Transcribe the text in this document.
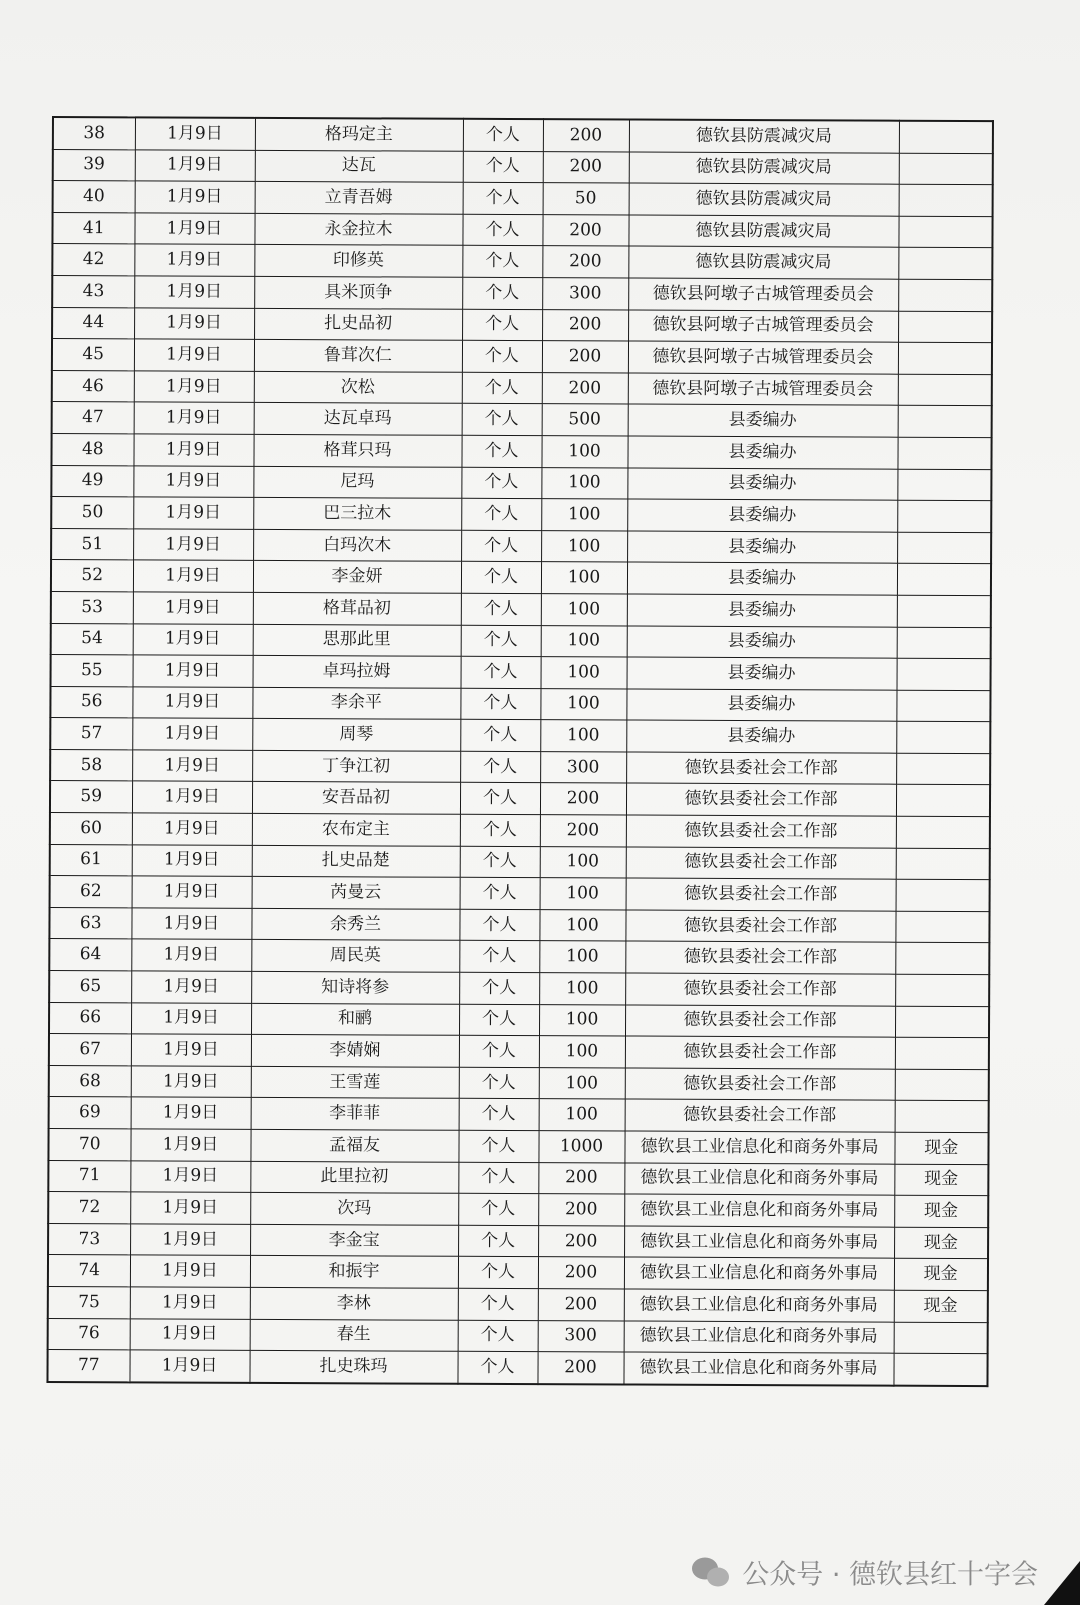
38	1月9日	格玛定主	个人	200	德钦县防震减灾局	
39	1月9日	达瓦	个人	200	德钦县防震减灾局	
40	1月9日	立青吾姆	个人	50	德钦县防震减灾局	
41	1月9日	永金拉木	个人	200	德钦县防震减灾局	
42	1月9日	印修英	个人	200	德钦县防震减灾局	
43	1月9日	具米顶争	个人	300	德钦县阿墩子古城管理委员会	
44	1月9日	扎史品初	个人	200	德钦县阿墩子古城管理委员会	
45	1月9日	鲁茸次仁	个人	200	德钦县阿墩子古城管理委员会	
46	1月9日	次松	个人	200	德钦县阿墩子古城管理委员会	
47	1月9日	达瓦卓玛	个人	500	县委编办	
48	1月9日	格茸只玛	个人	100	县委编办	
49	1月9日	尼玛	个人	100	县委编办	
50	1月9日	巴三拉木	个人	100	县委编办	
51	1月9日	白玛次木	个人	100	县委编办	
52	1月9日	李金妍	个人	100	县委编办	
53	1月9日	格茸品初	个人	100	县委编办	
54	1月9日	思那此里	个人	100	县委编办	
55	1月9日	卓玛拉姆	个人	100	县委编办	
56	1月9日	李余平	个人	100	县委编办	
57	1月9日	周琴	个人	100	县委编办	
58	1月9日	丁争江初	个人	300	德钦县委社会工作部	
59	1月9日	安吾品初	个人	200	德钦县委社会工作部	
60	1月9日	农布定主	个人	200	德钦县委社会工作部	
61	1月9日	扎史品楚	个人	100	德钦县委社会工作部	
62	1月9日	芮曼云	个人	100	德钦县委社会工作部	
63	1月9日	余秀兰	个人	100	德钦县委社会工作部	
64	1月9日	周民英	个人	100	德钦县委社会工作部	
65	1月9日	知诗将参	个人	100	德钦县委社会工作部	
66	1月9日	和鹂	个人	100	德钦县委社会工作部	
67	1月9日	李婧娴	个人	100	德钦县委社会工作部	
68	1月9日	王雪莲	个人	100	德钦县委社会工作部	
69	1月9日	李菲菲	个人	100	德钦县委社会工作部	
70	1月9日	孟福友	个人	1000	德钦县工业信息化和商务外事局	现金
71	1月9日	此里拉初	个人	200	德钦县工业信息化和商务外事局	现金
72	1月9日	次玛	个人	200	德钦县工业信息化和商务外事局	现金
73	1月9日	李金宝	个人	200	德钦县工业信息化和商务外事局	现金
74	1月9日	和振宇	个人	200	德钦县工业信息化和商务外事局	现金
75	1月9日	李林	个人	200	德钦县工业信息化和商务外事局	现金
76	1月9日	春生	个人	300	德钦县工业信息化和商务外事局	
77	1月9日	扎史珠玛	个人	200	德钦县工业信息化和商务外事局	
公众号 · 德钦县红十字会
